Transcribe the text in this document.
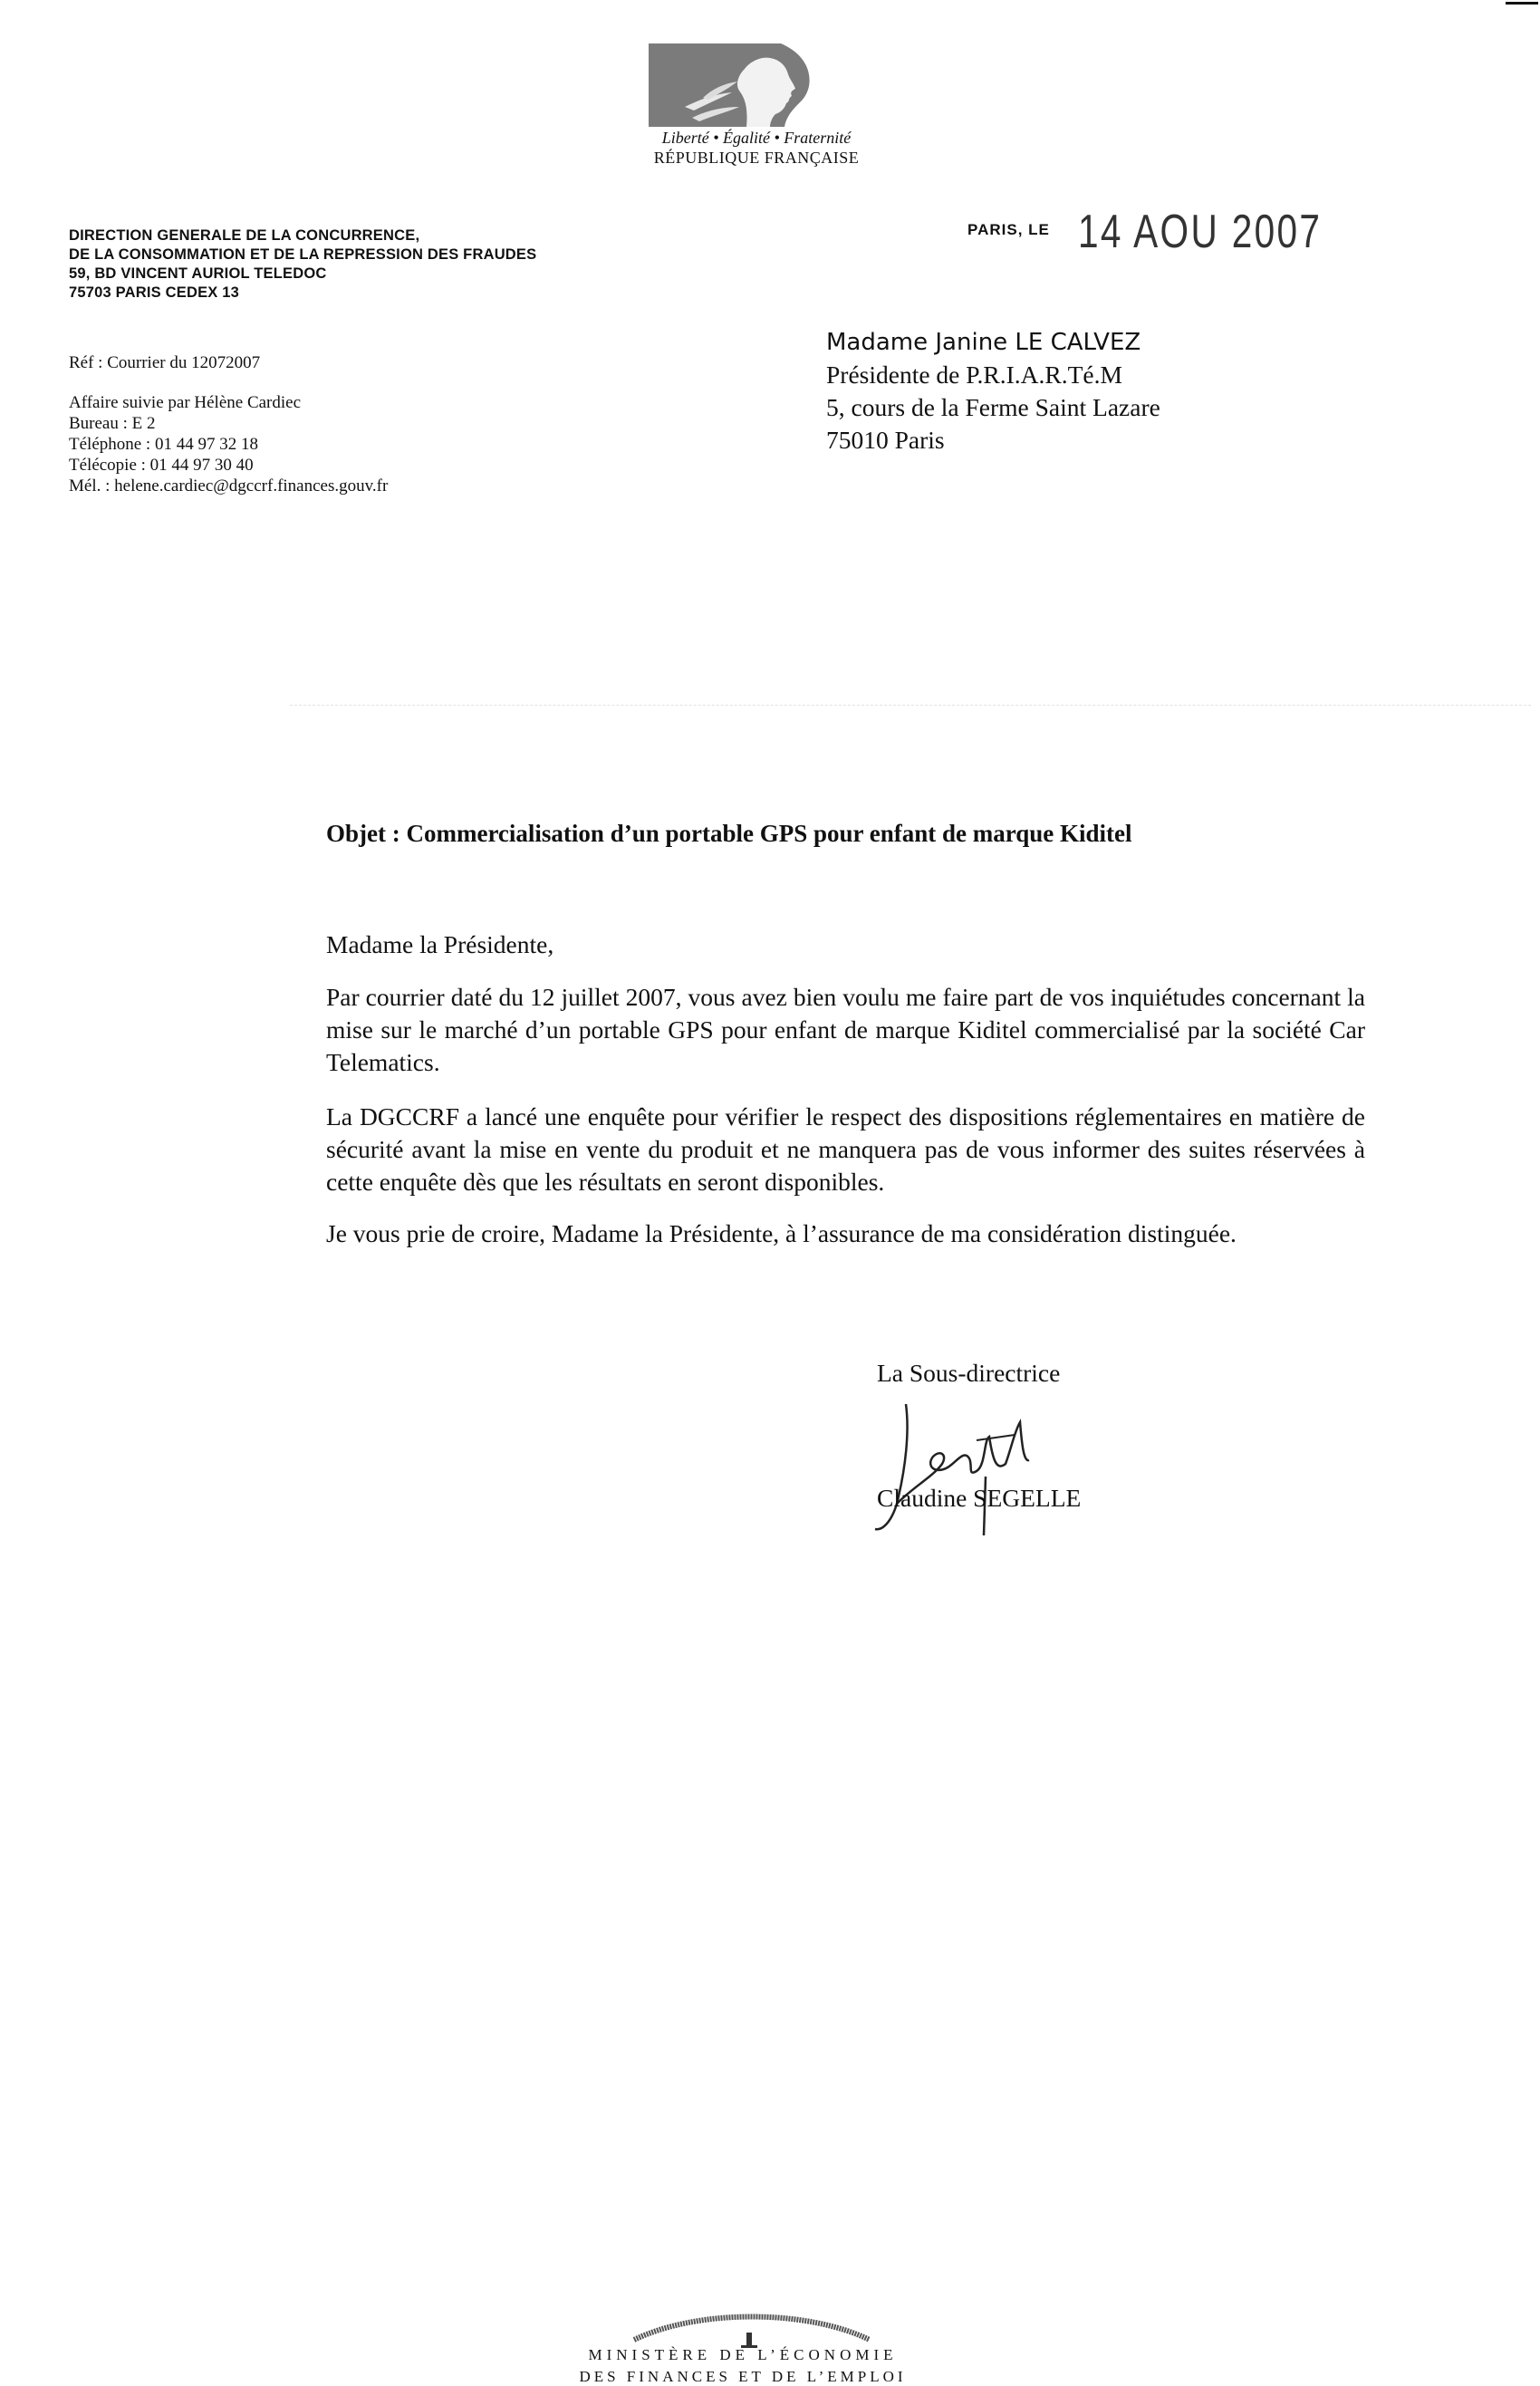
Liberté • Égalité • Fraternité
RÉPUBLIQUE FRANÇAISE
DIRECTION GENERALE DE LA CONCURRENCE,
DE LA CONSOMMATION ET DE LA REPRESSION DES FRAUDES
59, BD VINCENT AURIOL TELEDOC
75703 PARIS CEDEX 13
Réf : Courrier du 12072007
Affaire suivie par Hélène Cardiec
Bureau : E 2
Téléphone : 01 44 97 32 18
Télécopie : 01 44 97 30 40
Mél. : helene.cardiec@dgccrf.finances.gouv.fr
PARIS, LE 14 AOU 2007
Madame Janine LE CALVEZ
Présidente de P.R.I.A.R.Té.M
5, cours de la Ferme Saint Lazare
75010 Paris
Objet : Commercialisation d’un portable GPS pour enfant de marque Kiditel
Madame la Présidente,
Par courrier daté du 12 juillet 2007, vous avez bien voulu me faire part de vos inquiétudes concernant la mise sur le marché d’un portable GPS pour enfant de marque Kiditel commercialisé par la société Car Telematics.
La DGCCRF a lancé une enquête pour vérifier le respect des dispositions réglementaires en matière de sécurité avant la mise en vente du produit et ne manquera pas de vous informer des suites réservées à cette enquête dès que les résultats en seront disponibles.
Je vous prie de croire, Madame la Présidente, à l’assurance de ma considération distinguée.
La Sous-directrice
Claudine SEGELLE
MINISTÈRE DE L’ÉCONOMIE
DES FINANCES ET DE L’EMPLOI
